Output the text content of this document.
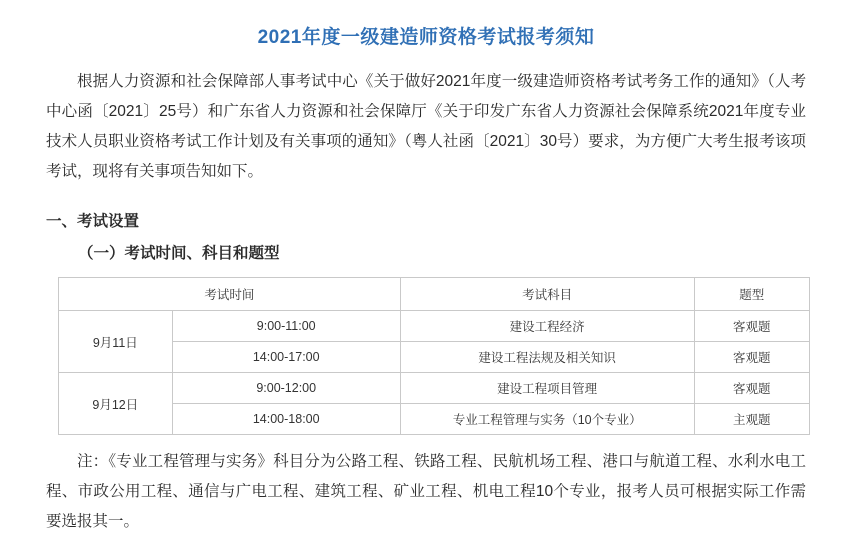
2021年度一级建造师资格考试报考须知

根据人力资源和社会保障部人事考试中心《关于做好2021年度一级建造师资格考试考务工作的通知》（人考中心函〔2021〕25号）和广东省人力资源和社会保障厅《关于印发广东省人力资源社会保障系统2021年度专业技术人员职业资格考试工作计划及有关事项的通知》（粤人社函〔2021〕30号）要求，为方便广大考生报考该项考试，现将有关事项告知如下。

一、考试设置
（一）考试时间、科目和题型
考试时间		考试科目	题型
9月11日	9:00-11:00	建设工程经济	客观题
	14:00-17:00	建设工程法规及相关知识	客观题
9月12日	9:00-12:00	建设工程项目管理	客观题
	14:00-18:00	专业工程管理与实务（10个专业）	主观题

注：《专业工程管理与实务》科目分为公路工程、铁路工程、民航机场工程、港口与航道工程、水利水电工程、市政公用工程、通信与广电工程、建筑工程、矿业工程、机电工程10个专业，报考人员可根据实际工作需要选报其一。
